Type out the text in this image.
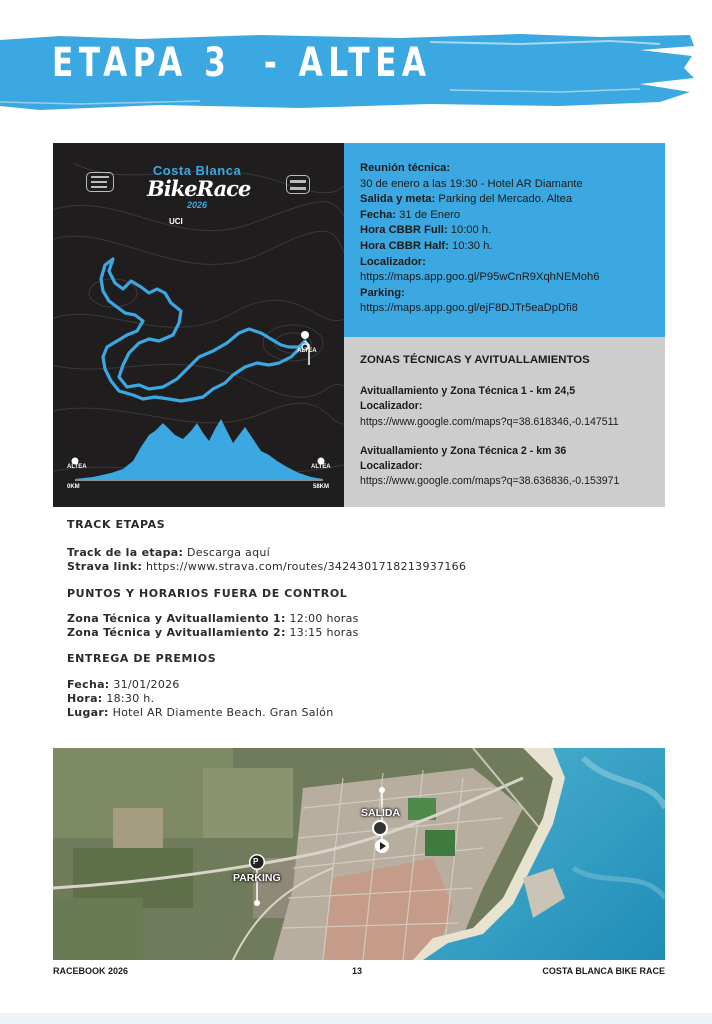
ETAPA 3  - ALTEA
Costa Blanca
BikeRace
2026
UCI
ALTEA
ALTEA	ALTEA
0KM	58KM
Reunión técnica:
30 de enero a las 19:30 - Hotel AR Diamante
Salida y meta: Parking del Mercado. Altea
Fecha: 31 de Enero
Hora CBBR Full: 10:00 h.
Hora CBBR Half: 10:30 h.
Localizador:
https://maps.app.goo.gl/P95wCnR9XqhNEMoh6
Parking:
https://maps.app.goo.gl/ejF8DJTr5eaDpDfi8
ZONAS TÉCNICAS Y AVITUALLAMIENTOS
Avituallamiento y Zona Técnica 1 - km 24,5
Localizador:
https://www.google.com/maps?q=38.618346,-0.147511
Avituallamiento y Zona Técnica 2 - km 36
Localizador:
https://www.google.com/maps?q=38.636836,-0.153971
TRACK ETAPAS
Track de la etapa: Descarga aquí
Strava link: https://www.strava.com/routes/3424301718213937166
PUNTOS Y HORARIOS FUERA DE CONTROL
Zona Técnica y Avituallamiento 1: 12:00 horas
Zona Técnica y Avituallamiento 2: 13:15 horas
ENTREGA DE PREMIOS
Fecha: 31/01/2026
Hora: 18:30 h.
Lugar: Hotel AR Diamente Beach. Gran Salón
SALIDA
P
PARKING
RACEBOOK 2026	13	COSTA BLANCA BIKE RACE
